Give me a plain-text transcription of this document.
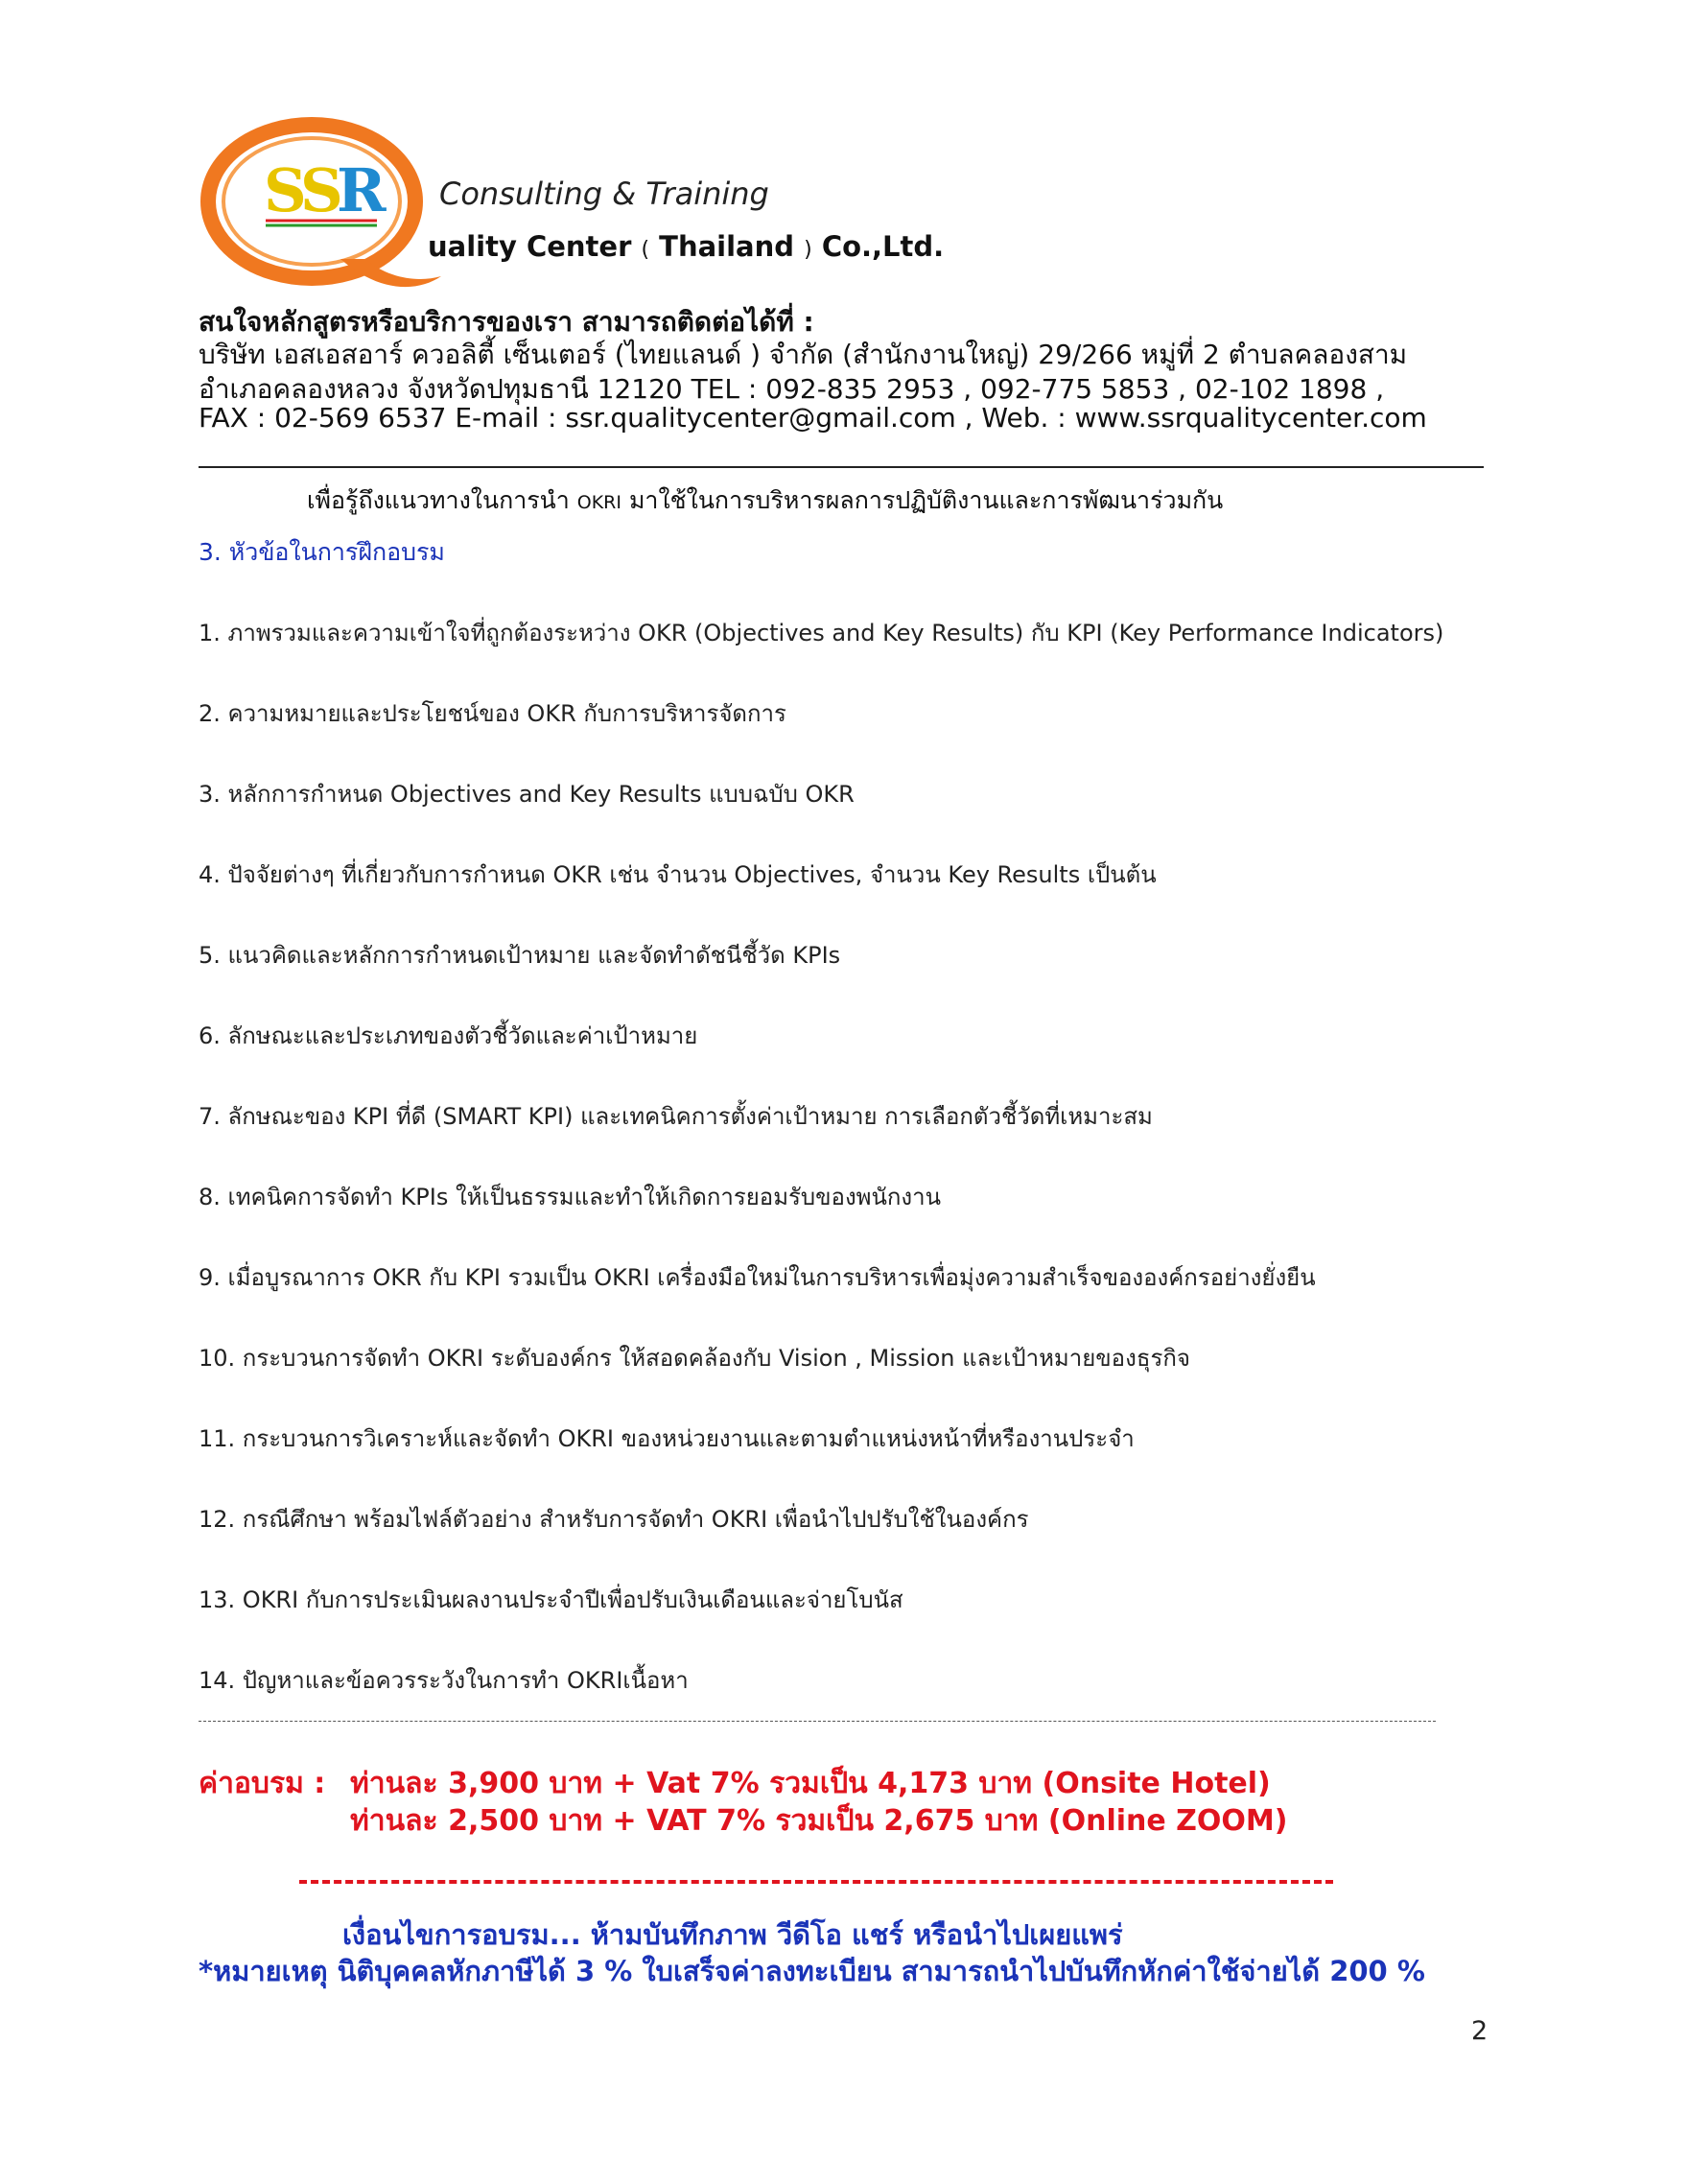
S
S
R Consulting & Training
uality Center ( Thailand ) Co.,Ltd.
สนใจหลักสูตรหรือบริการของเรา สามารถติดต่อได้ที่ :
บริษัท เอสเอสอาร์ ควอลิตี้ เซ็นเตอร์ (ไทยแลนด์ ) จำกัด (สำนักงานใหญ่) 29/266 หมู่ที่ 2 ตำบลคลองสาม
อำเภอคลองหลวง จังหวัดปทุมธานี 12120 TEL : 092-835 2953 , 092-775 5853 , 02-102 1898 ,
FAX : 02-569 6537 E-mail : ssr.qualitycenter@gmail.com , Web. : www.ssrqualitycenter.com
เพื่อรู้ถึงแนวทางในการนำ OKRI มาใช้ในการบริหารผลการปฏิบัติงานและการพัฒนาร่วมกัน
3. หัวข้อในการฝึกอบรม
1. ภาพรวมและความเข้าใจที่ถูกต้องระหว่าง OKR (Objectives and Key Results) กับ KPI (Key Performance Indicators)
2. ความหมายและประโยชน์ของ OKR กับการบริหารจัดการ
3. หลักการกำหนด Objectives and Key Results แบบฉบับ OKR
4. ปัจจัยต่างๆ ที่เกี่ยวกับการกำหนด OKR เช่น จำนวน Objectives, จำนวน Key Results เป็นต้น
5. แนวคิดและหลักการกำหนดเป้าหมาย และจัดทำดัชนีชี้วัด KPIs
6. ลักษณะและประเภทของตัวชี้วัดและค่าเป้าหมาย
7. ลักษณะของ KPI ที่ดี (SMART KPI) และเทคนิคการตั้งค่าเป้าหมาย การเลือกตัวชี้วัดที่เหมาะสม
8. เทคนิคการจัดทำ KPIs ให้เป็นธรรมและทำให้เกิดการยอมรับของพนักงาน
9. เมื่อบูรณาการ OKR กับ KPI รวมเป็น OKRI เครื่องมือใหม่ในการบริหารเพื่อมุ่งความสำเร็จขององค์กรอย่างยั่งยืน
10. กระบวนการจัดทำ OKRI ระดับองค์กร ให้สอดคล้องกับ Vision , Mission และเป้าหมายของธุรกิจ
11. กระบวนการวิเคราะห์และจัดทำ OKRI ของหน่วยงานและตามตำแหน่งหน้าที่หรืองานประจำ
12. กรณีศึกษา พร้อมไฟล์ตัวอย่าง สำหรับการจัดทำ OKRI เพื่อนำไปปรับใช้ในองค์กร
13. OKRI กับการประเมินผลงานประจำปีเพื่อปรับเงินเดือนและจ่ายโบนัส
14. ปัญหาและข้อควรระวังในการทำ OKRIเนื้อหา
ค่าอบรม : ท่านละ 3,900 บาท + Vat 7% รวมเป็น 4,173 บาท (Onsite Hotel)
ท่านละ 2,500 บาท + VAT 7% รวมเป็น 2,675 บาท (Online ZOOM)
เงื่อนไขการอบรม... ห้ามบันทึกภาพ วีดีโอ แชร์ หรือนำไปเผยแพร่
*หมายเหตุ นิติบุคคลหักภาษีได้ 3 % ใบเสร็จค่าลงทะเบียน สามารถนำไปบันทึกหักค่าใช้จ่ายได้ 200 %
2
